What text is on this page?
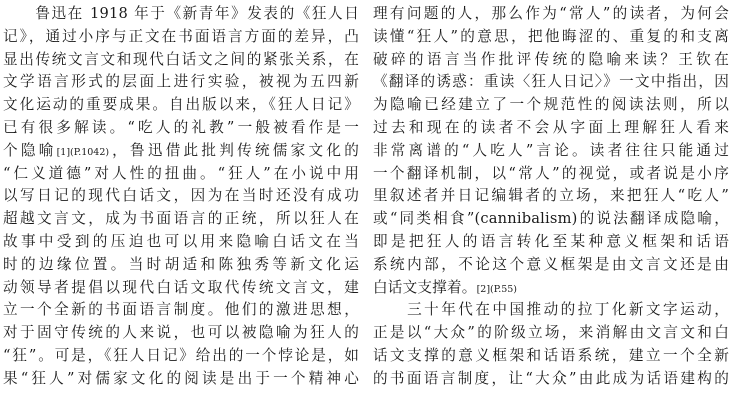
　　鲁迅在 1918 年于《新青年》发表的《狂人日
记》，通过小序与正文在书面语言方面的差异，凸
显出传统文言文和现代白话文之间的紧张关系，在
文学语言形式的层面上进行实验，被视为五四新
文化运动的重要成果。自出版以来，《狂人日记》
已有很多解读。“吃人的礼教”一般被看作是一
个隐喻[1](P.1042)，鲁迅借此批判传统儒家文化的
“仁义道德”对人性的扭曲。“狂人”在小说中用
以写日记的现代白话文，因为在当时还没有成功
超越文言文，成为书面语言的正统，所以狂人在
故事中受到的压迫也可以用来隐喻白话文在当
时的边缘位置。当时胡适和陈独秀等新文化运
动领导者提倡以现代白话文取代传统文言文，建
立一个全新的书面语言制度。他们的激进思想，
对于固守传统的人来说，也可以被隐喻为狂人的
“狂”。可是，《狂人日记》给出的一个悖论是，如
果“狂人”对儒家文化的阅读是出于一个精神心
理有问题的人，那么作为“常人”的读者，为何会
读懂“狂人”的意思，把他晦涩的、重复的和支离
破碎的语言当作批评传统的隐喻来读？王钦在
《翻译的诱惑：重读〈狂人日记〉》一文中指出，因
为隐喻已经建立了一个规范性的阅读法则，所以
过去和现在的读者不会从字面上理解狂人看来
非常离谱的“人吃人”言论。读者往往只能通过
一个翻译机制，以“常人”的视觉，或者说是小序
里叙述者并日记编辑者的立场，来把狂人“吃人”
或“同类相食”(cannibalism)的说法翻译成隐喻，
即是把狂人的语言转化至某种意义框架和话语
系统内部，不论这个意义框架是由文言文还是由
白话文支撑着。[2](P.55)
　　三十年代在中国推动的拉丁化新文字运动，
正是以“大众”的阶级立场，来消解由文言文和白
话文支撑的意义框架和话语系统，建立一个全新
的书面语言制度，让“大众”由此成为话语建构的
